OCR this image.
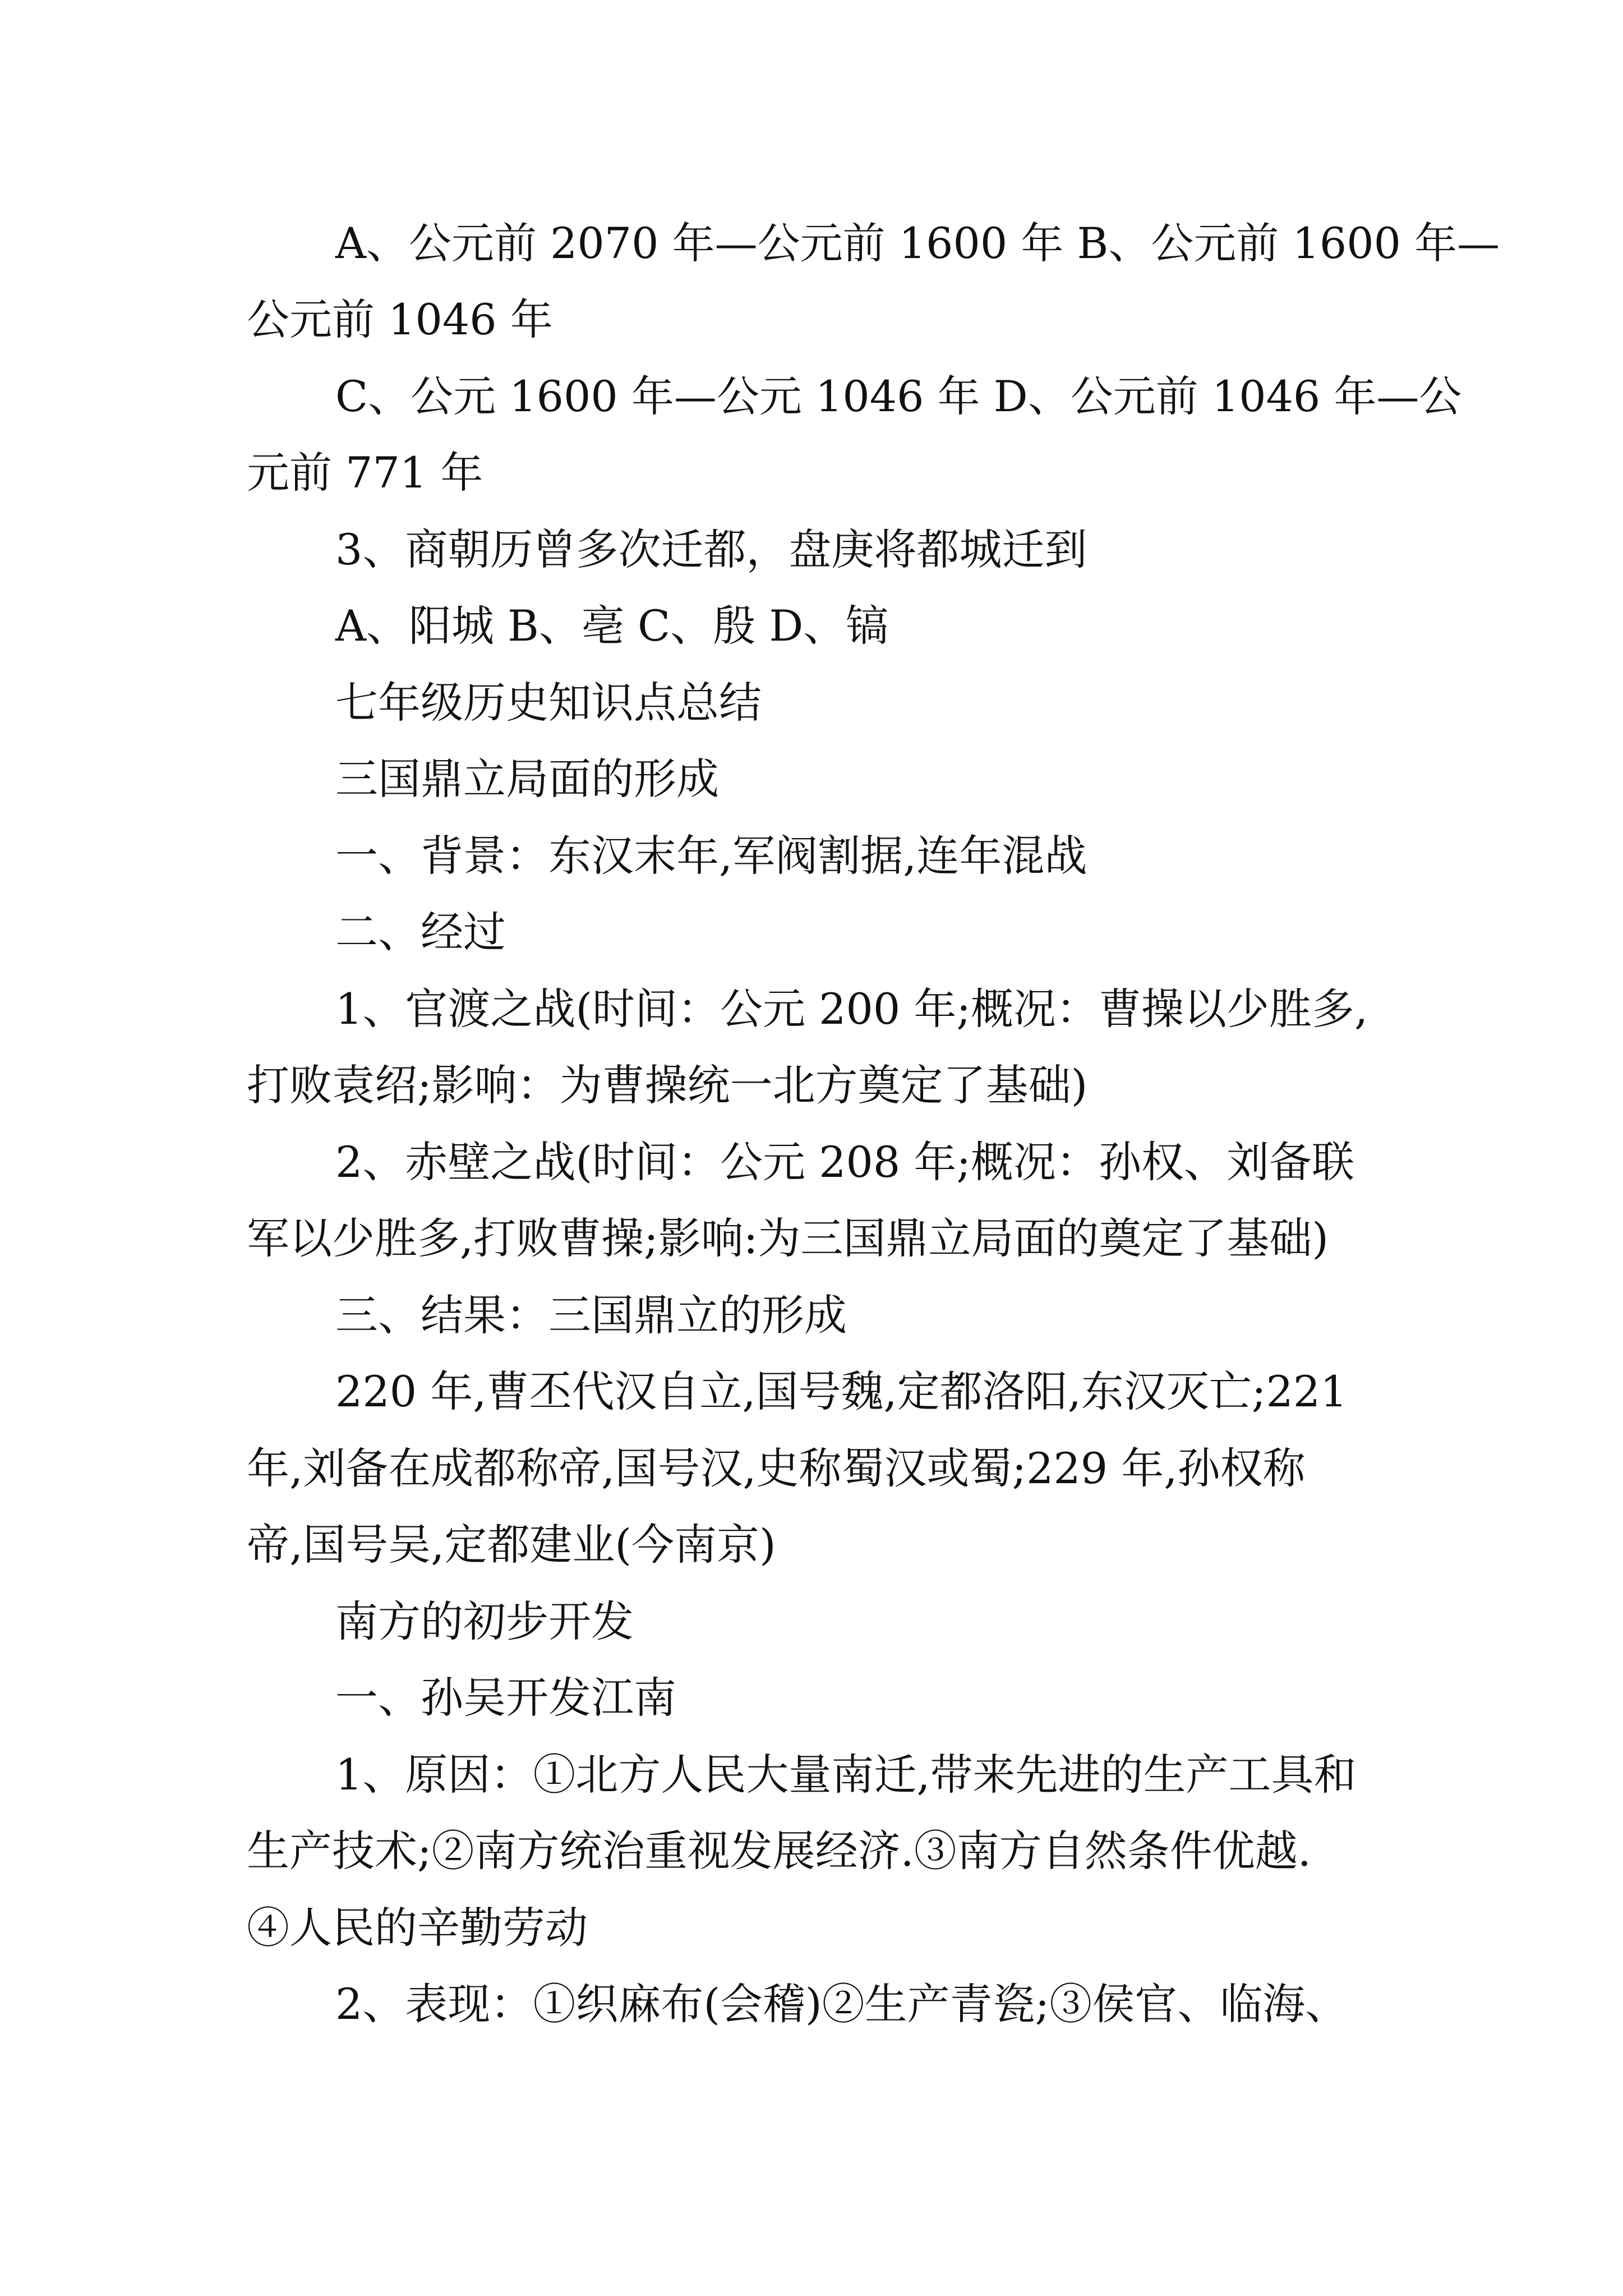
A、公元前 2070 年—公元前 1600 年 B、公元前 1600 年—

公元前 1046 年

C、公元 1600 年—公元 1046 年 D、公元前 1046 年—公

元前 771 年

3、商朝历曾多次迁都，盘庚将都城迁到

A、阳城 B、亳 C、殷 D、镐

七年级历史知识点总结

三国鼎立局面的形成

一、背景：东汉末年,军阀割据,连年混战

二、经过

1、官渡之战(时间：公元 200 年;概况：曹操以少胜多,

打败袁绍;影响：为曹操统一北方奠定了基础)

2、赤壁之战(时间：公元 208 年;概况：孙权、刘备联

军以少胜多,打败曹操;影响:为三国鼎立局面的奠定了基础)

三、结果：三国鼎立的形成

220 年,曹丕代汉自立,国号魏,定都洛阳,东汉灭亡;221

年,刘备在成都称帝,国号汉,史称蜀汉或蜀;229 年,孙权称

帝,国号吴,定都建业(今南京)

南方的初步开发

一、孙吴开发江南

1、原因：①北方人民大量南迁,带来先进的生产工具和

生产技术;②南方统治重视发展经济.③南方自然条件优越.

④人民的辛勤劳动

2、表现：①织麻布(会稽)②生产青瓷;③侯官、临海、
